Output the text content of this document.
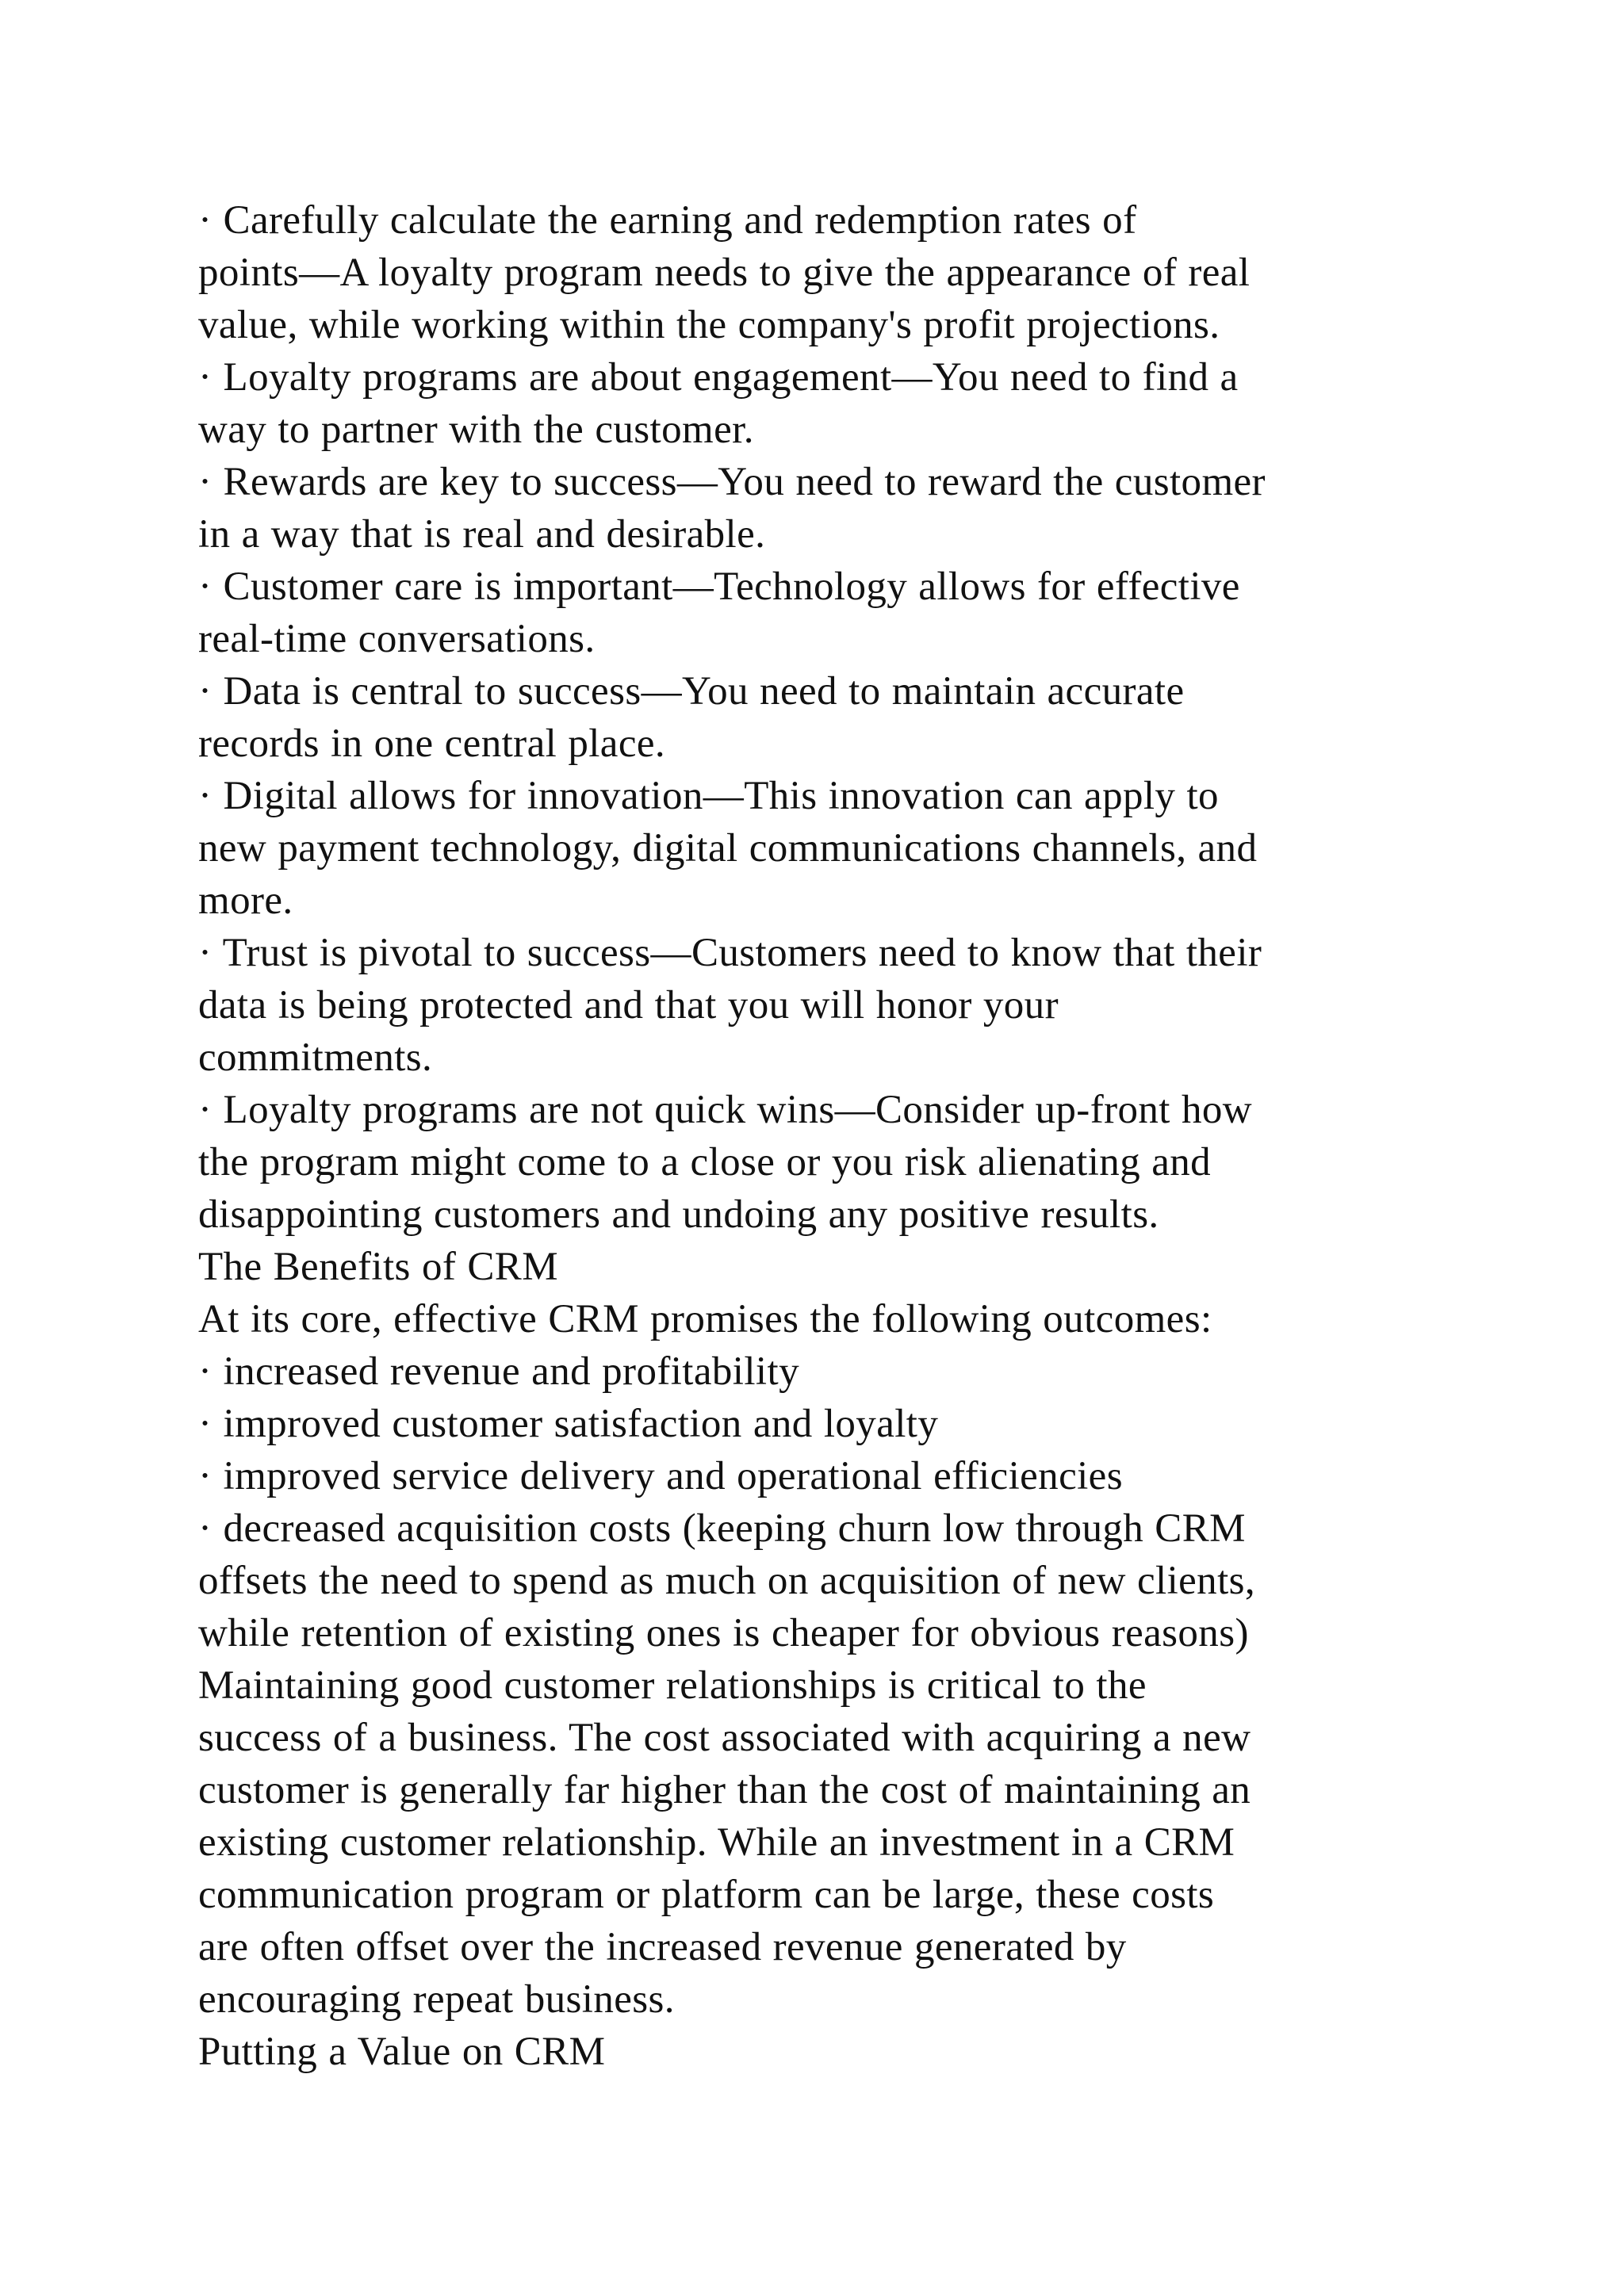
· Carefully calculate the earning and redemption rates of
points—A loyalty program needs to give the appearance of real
value, while working within the company's profit projections.
· Loyalty programs are about engagement—You need to find a
way to partner with the customer.
· Rewards are key to success—You need to reward the customer
in a way that is real and desirable.
· Customer care is important—Technology allows for effective
real-time conversations.
· Data is central to success—You need to maintain accurate
records in one central place.
· Digital allows for innovation—This innovation can apply to
new payment technology, digital communications channels, and
more.
· Trust is pivotal to success—Customers need to know that their
data is being protected and that you will honor your
commitments.
· Loyalty programs are not quick wins—Consider up-front how
the program might come to a close or you risk alienating and
disappointing customers and undoing any positive results.
The Benefits of CRM
At its core, effective CRM promises the following outcomes:
· increased revenue and profitability
· improved customer satisfaction and loyalty
· improved service delivery and operational efficiencies
· decreased acquisition costs (keeping churn low through CRM
offsets the need to spend as much on acquisition of new clients,
while retention of existing ones is cheaper for obvious reasons)
Maintaining good customer relationships is critical to the
success of a business. The cost associated with acquiring a new
customer is generally far higher than the cost of maintaining an
existing customer relationship. While an investment in a CRM
communication program or platform can be large, these costs
are often offset over the increased revenue generated by
encouraging repeat business.
Putting a Value on CRM
